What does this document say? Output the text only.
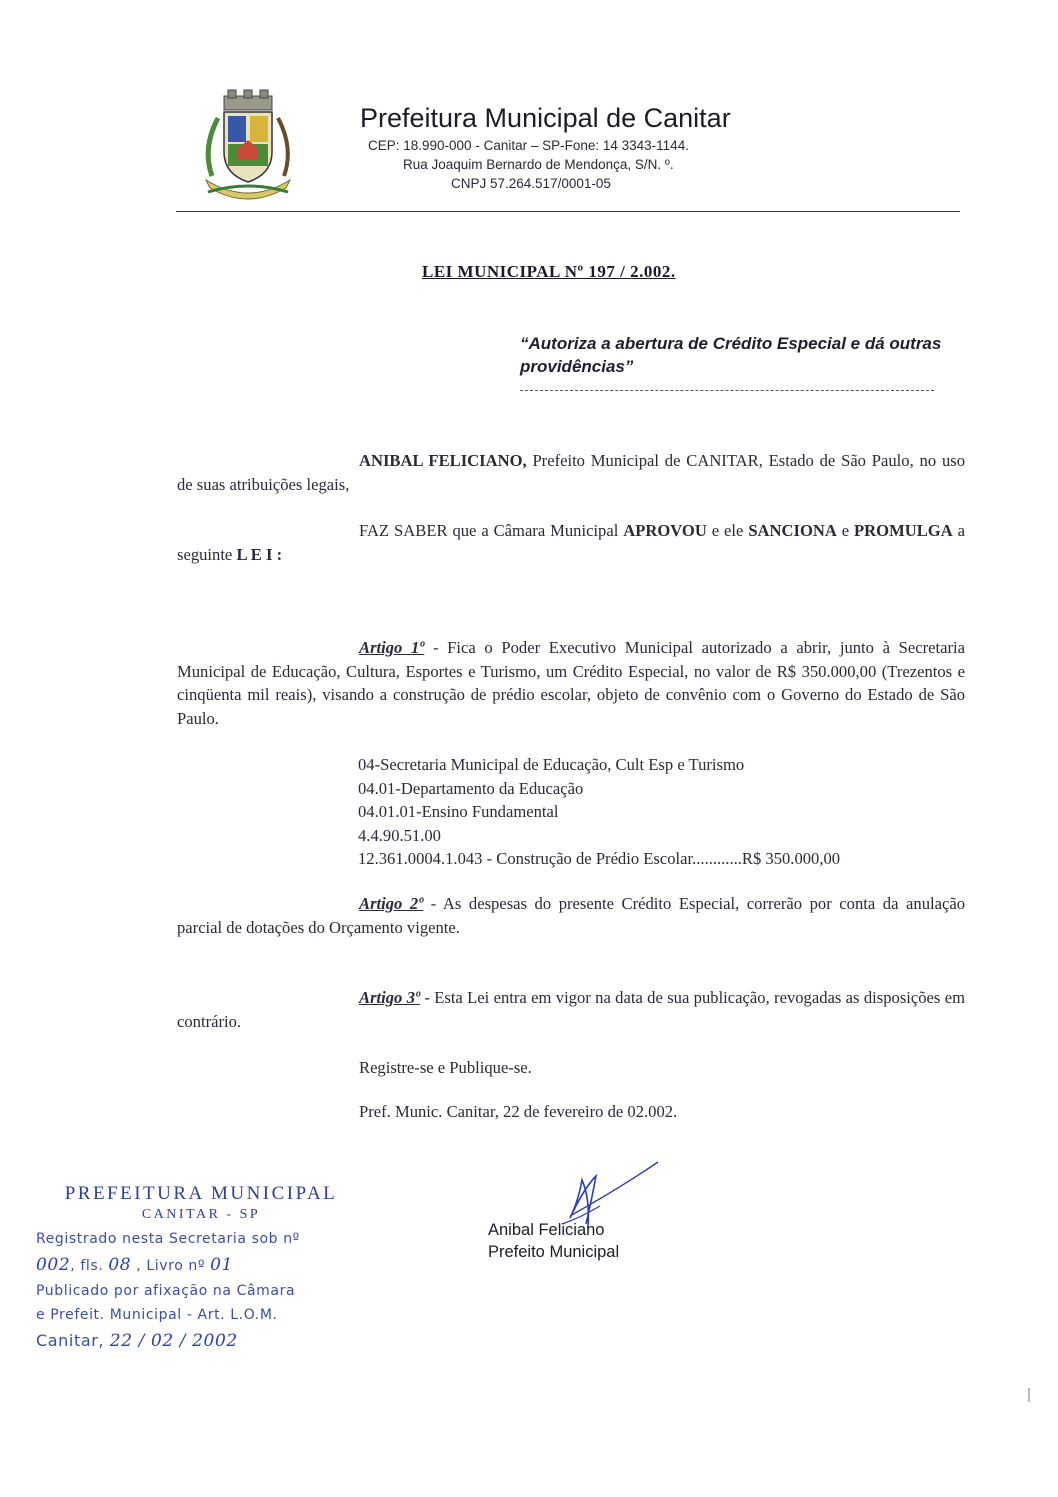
Prefeitura Municipal de Canitar
CEP: 18.990-000 - Canitar – SP-Fone: 14 3343-1144.
Rua Joaquim Bernardo de Mendonça, S/N. º.
CNPJ 57.264.517/0001-05
LEI MUNICIPAL Nº 197 / 2.002.
“Autoriza a abertura de Crédito Especial e dá outras providências”
ANIBAL FELICIANO, Prefeito Municipal de CANITAR, Estado de São Paulo, no uso de suas atribuições legais,
FAZ SABER que a Câmara Municipal APROVOU e ele SANCIONA e PROMULGA a seguinte L E I :
Artigo 1º - Fica o Poder Executivo Municipal autorizado a abrir, junto à Secretaria Municipal de Educação, Cultura, Esportes e Turismo, um Crédito Especial, no valor de R$ 350.000,00 (Trezentos e cinqüenta mil reais), visando a construção de prédio escolar, objeto de convênio com o Governo do Estado de São Paulo.
04-Secretaria Municipal de Educação, Cult Esp e Turismo
04.01-Departamento da Educação
04.01.01-Ensino Fundamental
4.4.90.51.00
12.361.0004.1.043 - Construção de Prédio Escolar............R$ 350.000,00
Artigo 2º - As despesas do presente Crédito Especial, correrão por conta da anulação parcial de dotações do Orçamento vigente.
Artigo 3º - Esta Lei entra em vigor na data de sua publicação, revogadas as disposições em contrário.
Registre-se e Publique-se.
Pref. Munic. Canitar, 22 de fevereiro de 02.002.
PREFEITURA MUNICIPAL
CANITAR - SP
Registrado nesta Secretaria sob nº
002, fls. 08 , Livro nº 01
Publicado por afixação na Câmara
e Prefeit. Municipal - Art. L.O.M.
Canitar, 22 / 02 / 2002
Anibal Feliciano
Prefeito Municipal
